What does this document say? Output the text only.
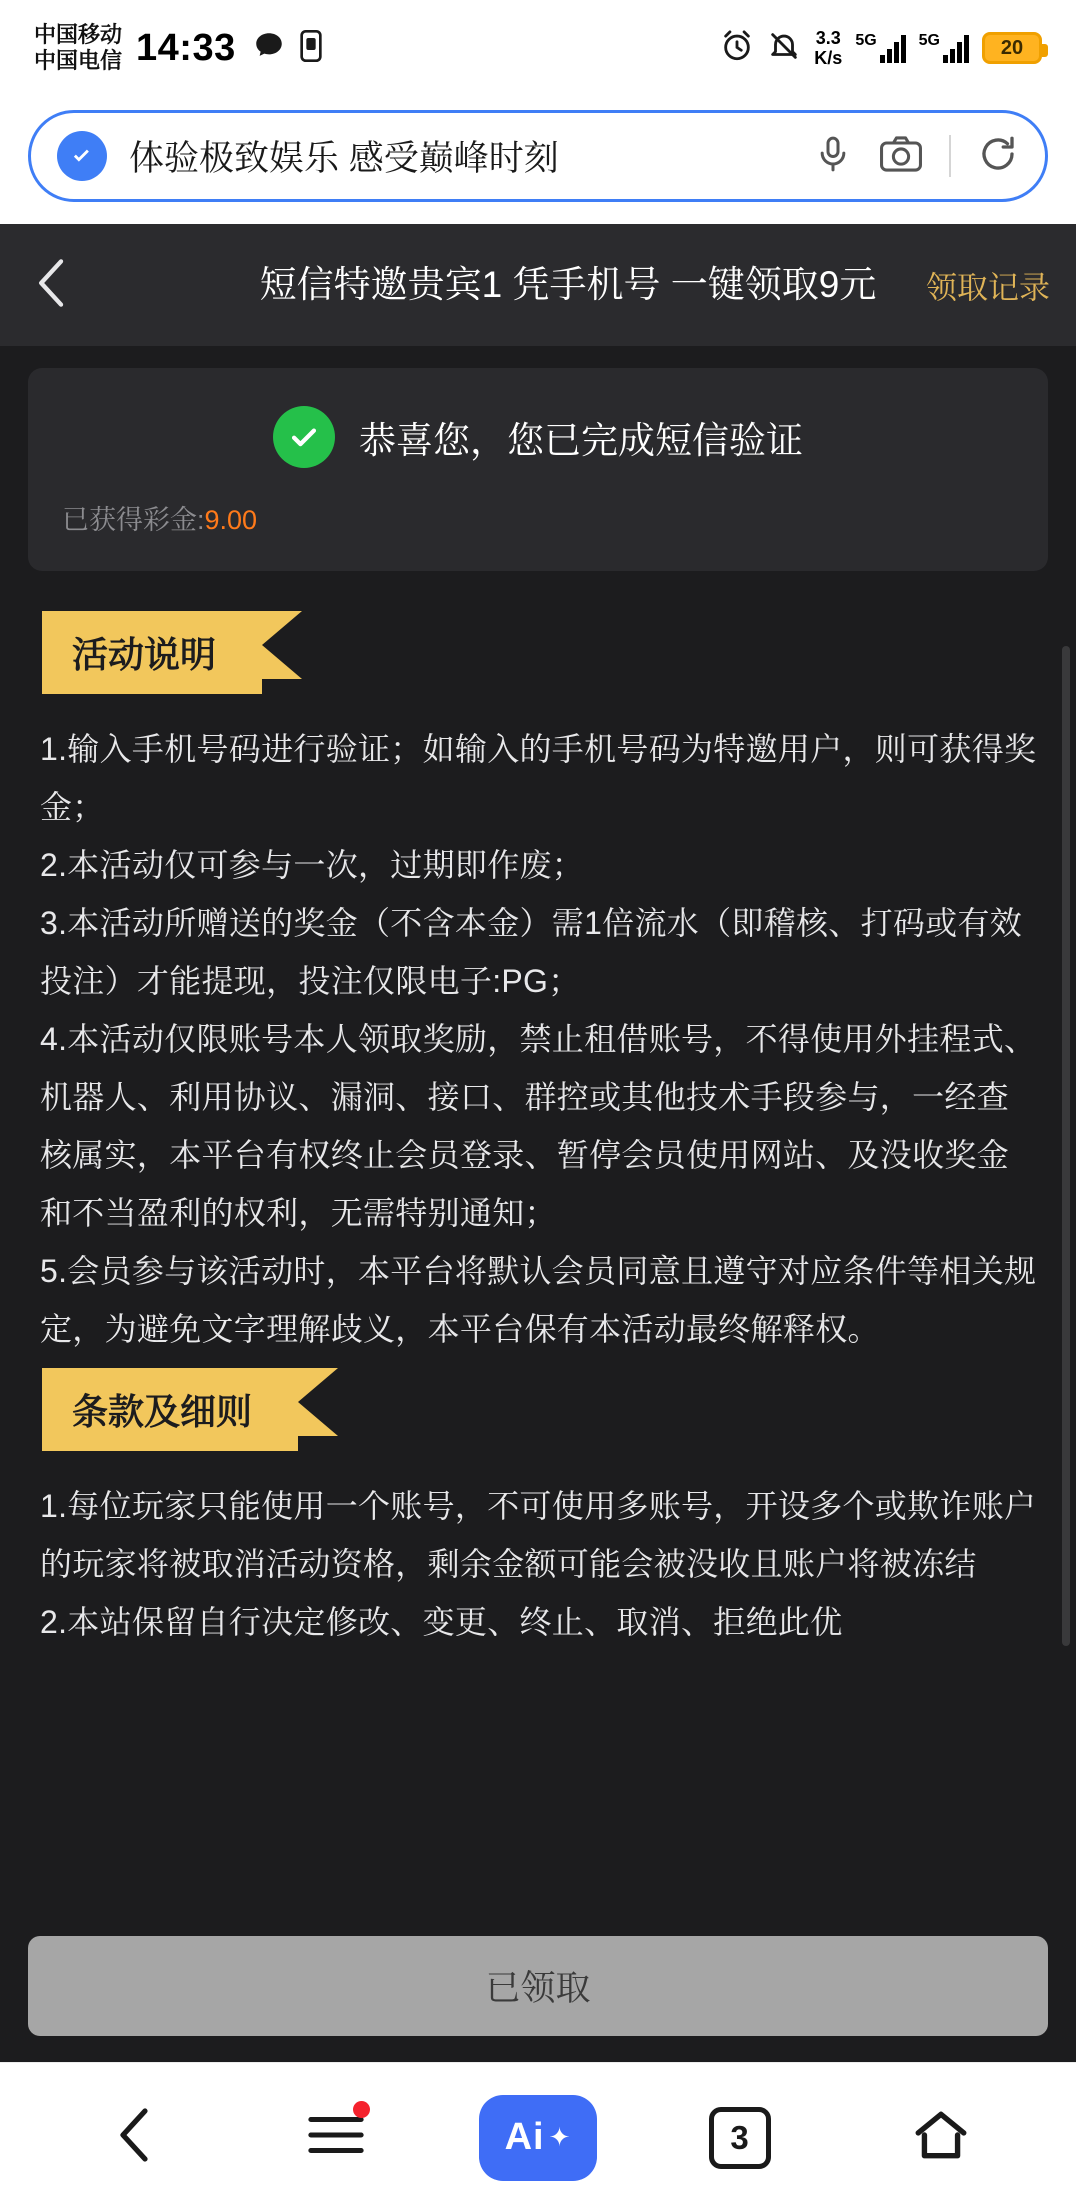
中国移动
中国电信 14:33	3.3
K/s
5G	5G	20
体验极致娱乐 感受巅峰时刻
短信特邀贵宾1 凭手机号 一键领取9元	领取记录
恭喜您，您已完成短信验证
已获得彩金:9.00
活动说明

1.输入手机号码进行验证；如输入的手机号码为特邀用户，则可获得奖金；

2.本活动仅可参与一次，过期即作废；

3.本活动所赠送的奖金（不含本金）需1倍流水（即稽核、打码或有效投注）才能提现，投注仅限电子:PG；

4.本活动仅限账号本人领取奖励，禁止租借账号，不得使用外挂程式、机器人、利用协议、漏洞、接口、群控或其他技术手段参与，一经查核属实，本平台有权终止会员登录、暂停会员使用网站、及没收奖金和不当盈利的权利，无需特别通知；

5.会员参与该活动时，本平台将默认会员同意且遵守对应条件等相关规定，为避免文字理解歧义，本平台保有本活动最终解释权。

条款及细则

1.每位玩家只能使用一个账号，不可使用多账号，开设多个或欺诈账户的玩家将被取消活动资格，剩余金额可能会被没收且账户将被冻结

2.本站保留自行决定修改、变更、终止、取消、拒绝此优

已领取
Ai ✦	3
